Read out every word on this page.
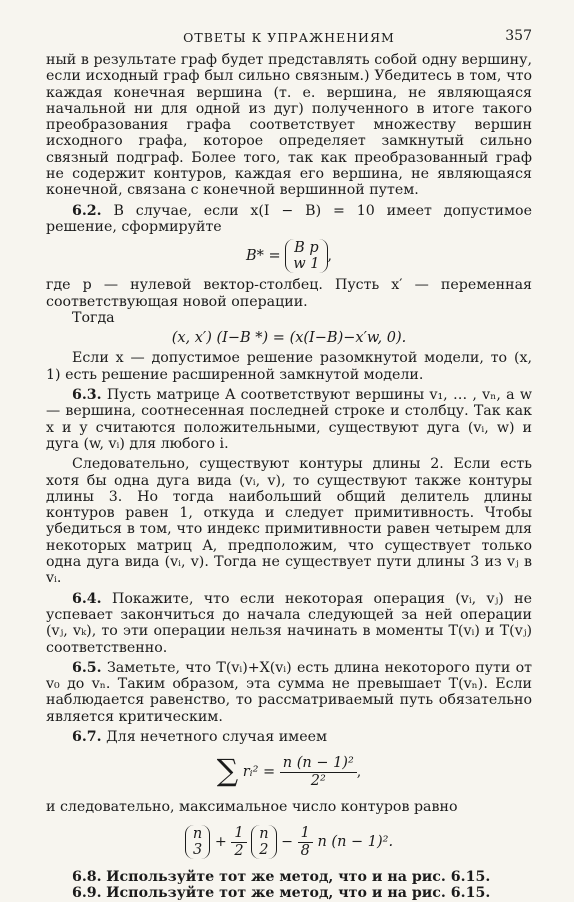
ОТВЕТЫ К УПРАЖНЕНИЯМ	357

ный в результате граф будет представлять собой одну вершину, если исходный граф был сильно связным.) Убедитесь в том, что каждая конечная вершина (т. е. вершина, не являющаяся начальной ни для одной из дуг) полученного в итоге такого преобразования графа соответствует множеству вершин исходного графа, которое определяет замкнутый сильно связный подграф. Более того, так как преобразованный граф не содержит контуров, каждая его вершина, не являющаяся конечной, связана с конечной вершинной путем.

6.2. В случае, если x(I − B) = 10 имеет допустимое решение, сформируйте

B* = B p
w 1 ,

где p — нулевой вектор-столбец. Пусть x′ — переменная соответствующая новой операции.

Тогда

(x, x′) (I−B *) = (x(I−B)−x′w, 0).

Если x — допустимое решение разомкнутой модели, то (x, 1) есть решение расширенной замкнутой модели.

6.3. Пусть матрице A соответствуют вершины v₁, … , vₙ, а w — вершина, соотнесенная последней строке и столбцу. Так как x и y считаются положительными, существуют дуга (vᵢ, w) и дуга (w, vᵢ) для любого i.

Следовательно, существуют контуры длины 2. Если есть хотя бы одна дуга вида (vᵢ, v), то существуют также контуры длины 3. Но тогда наибольший общий делитель длины контуров равен 1, откуда и следует примитивность. Чтобы убедиться в том, что индекс примитивности равен четырем для некоторых матриц A, предположим, что существует только одна дуга вида (vᵢ, v). Тогда не существует пути длины 3 из vⱼ в vᵢ.

6.4. Покажите, что если некоторая операция (vᵢ, vⱼ) не успевает закончиться до начала следующей за ней операции (vⱼ, vₖ), то эти операции нельзя начинать в моменты T(vᵢ) и T(vⱼ) соответственно.

6.5. Заметьте, что T(vᵢ)+X(vᵢ) есть длина некоторого пути от v₀ до vₙ. Таким образом, эта сумма не превышает T(vₙ). Если наблюдается равенство, то рассматриваемый путь обязательно является критическим.

6.7. Для нечетного случая имеем

∑ rᵢ² = $\frac{\text{n (n − 1)²}}{\text{2²}}$ ,

и следовательно, максимальное число контуров равно

n
$3 + \frac{1}{2}$
n
$2 - \frac{1}{8}$ n (n − 1)².

6.8. Используйте тот же метод, что и на рис. 6.15.

6.9. Используйте тот же метод, что и на рис. 6.15.
